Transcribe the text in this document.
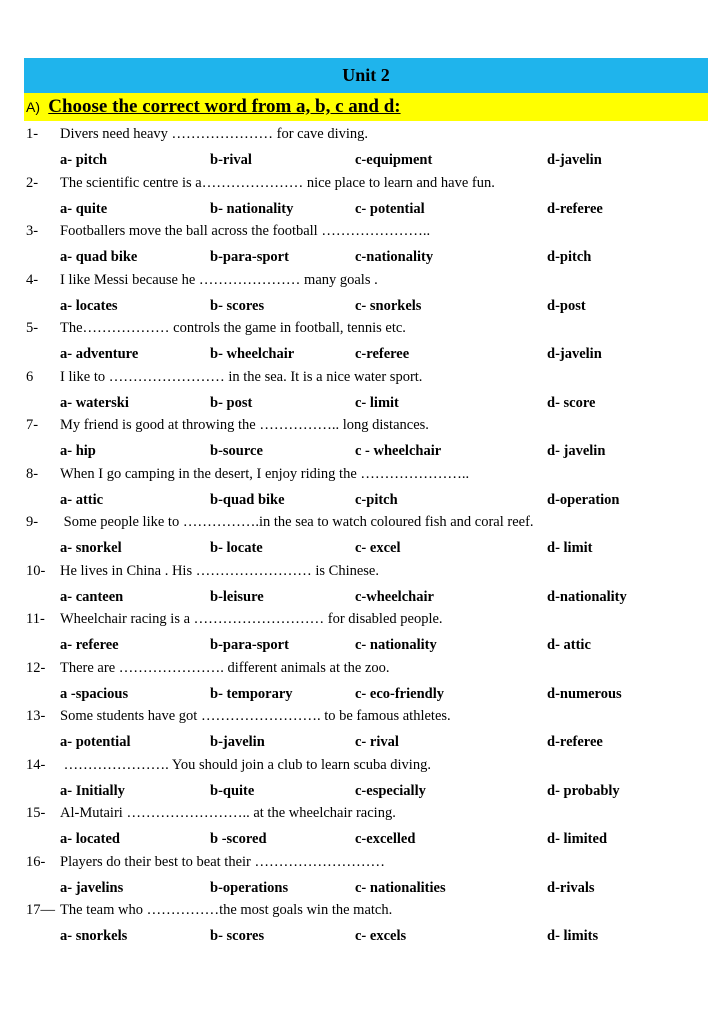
Unit 2
A) Choose the correct word from a, b, c and d:
1- Divers need heavy ………………… for cave diving.
a- pitch	b-rival	c-equipment	d-javelin
2- The scientific centre is a………………… nice place to learn and have fun.
a- quite	b- nationality	c- potential	d-referee
3- Footballers move the ball across the football …………………..
a- quad bike	b-para-sport	c-nationality	d-pitch
4- I like Messi because he ………………… many goals .
a- locates	b- scores	c- snorkels	d-post
5- The……………… controls the game in football, tennis etc.
a- adventure	b- wheelchair	c-referee	d-javelin
6 I like to …………………… in the sea. It is a nice water sport.
a- waterski	b- post	c- limit	d- score
7- My friend is good at throwing the …………….. long distances.
a- hip	b-source	c - wheelchair	d- javelin
8- When I go camping in the desert, I enjoy riding the …………………..
a- attic	b-quad bike	c-pitch	d-operation
9- Some people like to …………….in the sea to watch coloured fish and coral reef.
a- snorkel	b- locate	c- excel	d- limit
10- He lives in China . His …………………… is Chinese.
a- canteen	b-leisure	c-wheelchair	d-nationality
11- Wheelchair racing is a ……………………… for disabled people.
a- referee	b-para-sport	c- nationality	d- attic
12- There are …………………. different animals at the zoo.
a -spacious	b- temporary	c- eco-friendly	d-numerous
13- Some students have got ……………………. to be famous athletes.
a- potential	b-javelin	c- rival	d-referee
14- …………………. You should join a club to learn scuba diving.
a- Initially	b-quite	c-especially	d- probably
15- Al-Mutairi …………………….. at the wheelchair racing.
a- located	b -scored	c-excelled	d- limited
16- Players do their best to beat their ………………………
a- javelins	b-operations	c- nationalities	d-rivals
17— The team who ……………the most goals win the match.
a- snorkels	b- scores	c- excels	d- limits
